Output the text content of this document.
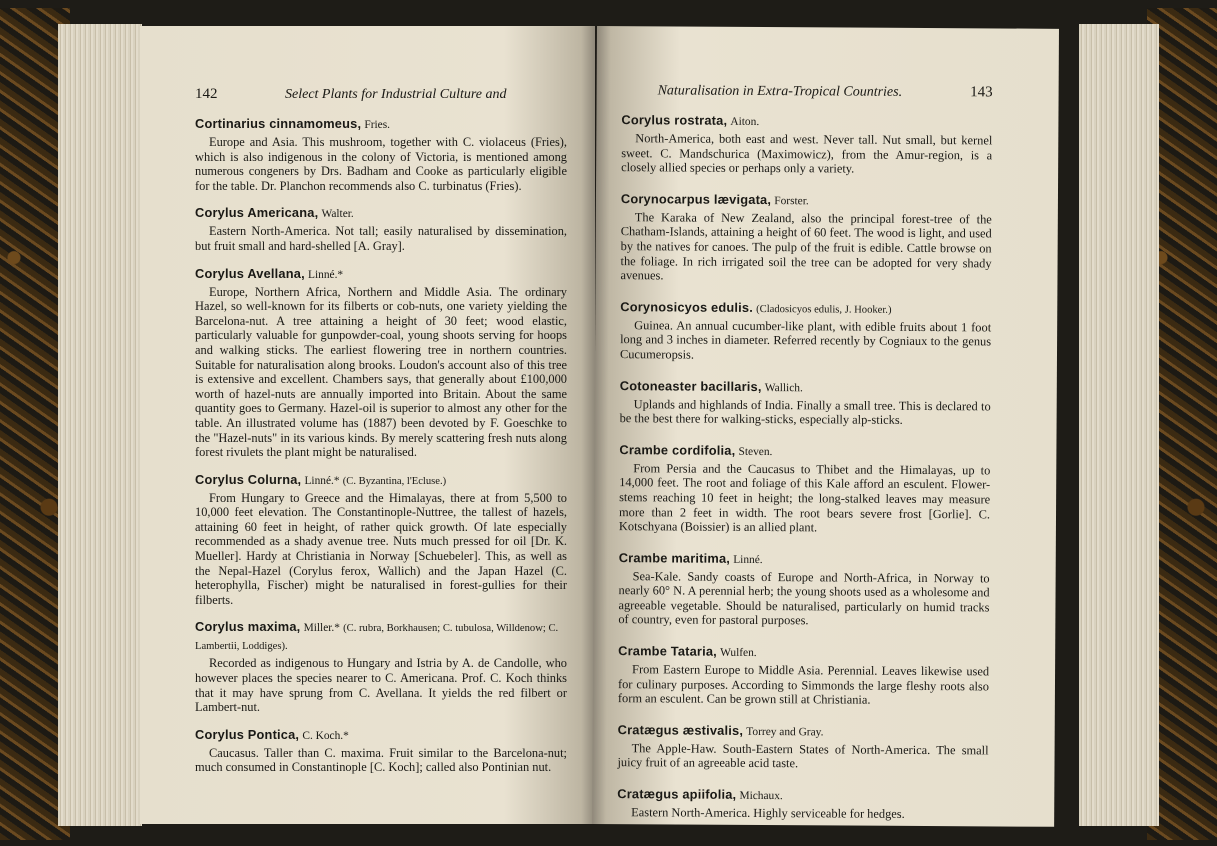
142	Select Plants for Industrial Culture and

Cortinarius cinnamomeus, Fries.

Europe and Asia. This mushroom, together with C. violaceus (Fries), which is also indigenous in the colony of Victoria, is mentioned among numerous congeners by Drs. Badham and Cooke as particularly eligible for the table. Dr. Planchon recommends also C. turbinatus (Fries).

Corylus Americana, Walter.

Eastern North-America. Not tall; easily naturalised by dissemination, but fruit small and hard-shelled [A. Gray].

Corylus Avellana, Linné.*

Europe, Northern Africa, Northern and Middle Asia. The ordinary Hazel, so well-known for its filberts or cob-nuts, one variety yielding the Barcelona-nut. A tree attaining a height of 30 feet; wood elastic, particularly valuable for gunpowder-coal, young shoots serving for hoops and walking sticks. The earliest flowering tree in northern countries. Suitable for naturalisation along brooks. Loudon's account also of this tree is extensive and excellent. Chambers says, that generally about £100,000 worth of hazel-nuts are annually imported into Britain. About the same quantity goes to Germany. Hazel-oil is superior to almost any other for the table. An illustrated volume has (1887) been devoted by F. Goeschke to the "Hazel-nuts" in its various kinds. By merely scattering fresh nuts along forest rivulets the plant might be naturalised.

Corylus Colurna, Linné.* (C. Byzantina, l'Ecluse.)

From Hungary to Greece and the Himalayas, there at from 5,500 to 10,000 feet elevation. The Constantinople-Nuttree, the tallest of hazels, attaining 60 feet in height, of rather quick growth. Of late especially recommended as a shady avenue tree. Nuts much pressed for oil [Dr. K. Mueller]. Hardy at Christiania in Norway [Schuebeler]. This, as well as the Nepal-Hazel (Corylus ferox, Wallich) and the Japan Hazel (C. heterophylla, Fischer) might be naturalised in forest-gullies for their filberts.

Corylus maxima, Miller.* (C. rubra, Borkhausen; C. tubulosa, Willdenow; C. Lambertii, Loddiges).

Recorded as indigenous to Hungary and Istria by A. de Candolle, who however places the species nearer to C. Americana. Prof. C. Koch thinks that it may have sprung from C. Avellana. It yields the red filbert or Lambert-nut.

Corylus Pontica, C. Koch.*

Caucasus. Taller than C. maxima. Fruit similar to the Barcelona-nut; much consumed in Constantinople [C. Koch]; called also Pontinian nut.

Naturalisation in Extra-Tropical Countries.	143

Corylus rostrata, Aiton.

North-America, both east and west. Never tall. Nut small, but kernel sweet. C. Mandschurica (Maximowicz), from the Amur-region, is a closely allied species or perhaps only a variety.

Corynocarpus lævigata, Forster.

The Karaka of New Zealand, also the principal forest-tree of the Chatham-Islands, attaining a height of 60 feet. The wood is light, and used by the natives for canoes. The pulp of the fruit is edible. Cattle browse on the foliage. In rich irrigated soil the tree can be adopted for very shady avenues.

Corynosicyos edulis. (Cladosicyos edulis, J. Hooker.)

Guinea. An annual cucumber-like plant, with edible fruits about 1 foot long and 3 inches in diameter. Referred recently by Cogniaux to the genus Cucumeropsis.

Cotoneaster bacillaris, Wallich.

Uplands and highlands of India. Finally a small tree. This is declared to be the best there for walking-sticks, especially alp-sticks.

Crambe cordifolia, Steven.

From Persia and the Caucasus to Thibet and the Himalayas, up to 14,000 feet. The root and foliage of this Kale afford an esculent. Flower-stems reaching 10 feet in height; the long-stalked leaves may measure more than 2 feet in width. The root bears severe frost [Gorlie]. C. Kotschyana (Boissier) is an allied plant.

Crambe maritima, Linné.

Sea-Kale. Sandy coasts of Europe and North-Africa, in Norway to nearly 60° N. A perennial herb; the young shoots used as a wholesome and agreeable vegetable. Should be naturalised, particularly on humid tracks of country, even for pastoral purposes.

Crambe Tataria, Wulfen.

From Eastern Europe to Middle Asia. Perennial. Leaves likewise used for culinary purposes. According to Simmonds the large fleshy roots also form an esculent. Can be grown still at Christiania.

Cratægus æstivalis, Torrey and Gray.

The Apple-Haw. South-Eastern States of North-America. The small juicy fruit of an agreeable acid taste.

Cratægus apiifolia, Michaux.

Eastern North-America. Highly serviceable for hedges.
